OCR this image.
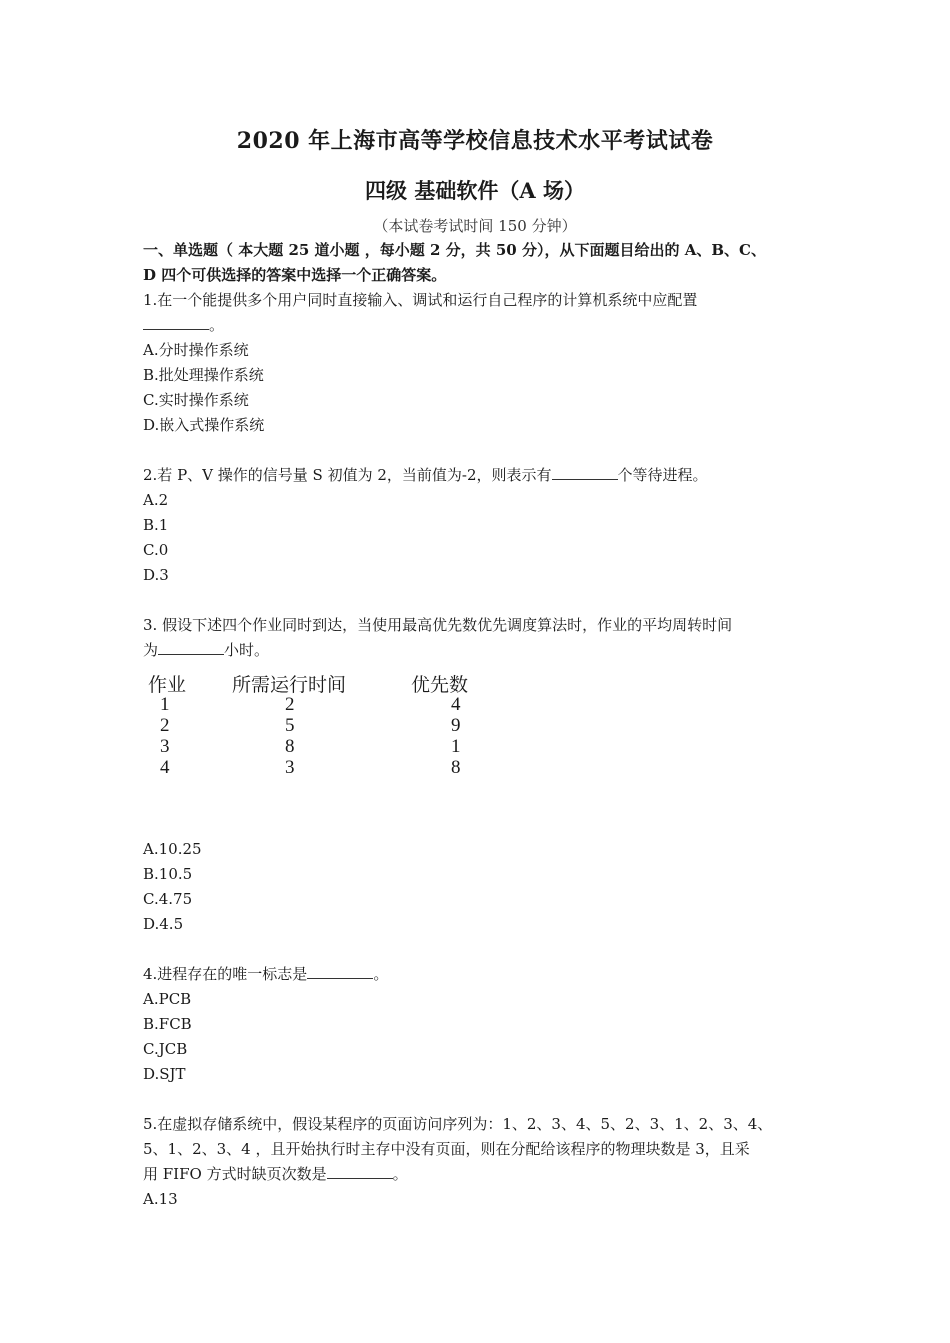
2020 年上海市高等学校信息技术水平考试试卷
四级 基础软件（A 场）
（本试卷考试时间 150 分钟）
一、单选题（ 本大题 25 道小题 ，每小题 2 分，共 50 分），从下面题目给出的 A、B、C、
D 四个可供选择的答案中选择一个正确答案。
1.在一个能提供多个用户同时直接输入、调试和运行自己程序的计算机系统中应配置
。
A.分时操作系统
B.批处理操作系统
C.实时操作系统
D.嵌入式操作系统
2.若 P、V 操作的信号量 S 初值为 2，当前值为-2，则表示有	个等待进程。
A.2
B.1
C.0
D.3
3. 假设下述四个作业同时到达，当使用最高优先数优先调度算法时，作业的平均周转时间
为	小时。
作业 所需运行时间	优先数
1	2	4
2	5	9
3	8	1
4	3	8
A.10.25
B.10.5
C.4.75
D.4.5
4.进程存在的唯一标志是	。
A.PCB
B.FCB
C.JCB
D.SJT
5.在虚拟存储系统中，假设某程序的页面访问序列为：1、2、3、4、5、2、3、1、2、3、4、
5、1、2、3、4 ，且开始执行时主存中没有页面，则在分配给该程序的物理块数是 3，且采
用 FIFO 方式时缺页次数是	。
A.13
